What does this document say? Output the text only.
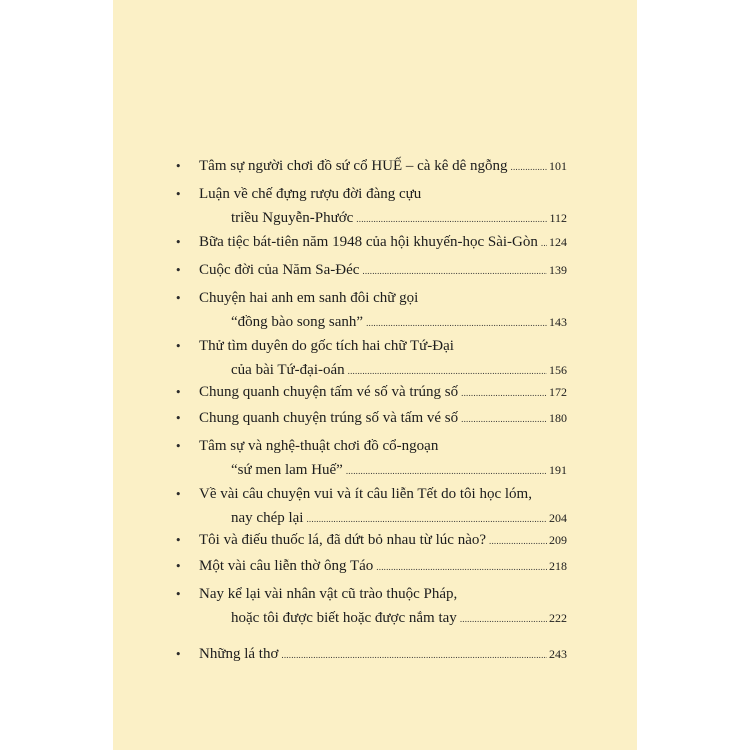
• Tâm sự người chơi đồ sứ cổ HUẾ – cà kê dê ngỗng .....	101
• Luận về chế đựng rượu đời đàng cựu
triều Nguyễn-Phước .....	112
• Bữa tiệc bát-tiên năm 1948 của hội khuyến-học Sài-Gòn ..... 124
• Cuộc đời của Năm Sa-Đéc .....	139
• Chuyện hai anh em sanh đôi chữ gọi
“đồng bào song sanh” .....	143
• Thử tìm duyên do gốc tích hai chữ Tứ-Đại
của bài Tứ-đại-oán .....	156
• Chung quanh chuyện tấm vé số và trúng số .....	172
• Chung quanh chuyện trúng số và tấm vé số .....	180
• Tâm sự và nghệ-thuật chơi đồ cổ-ngoạn
“sứ men lam Huế” .....	191
• Về vài câu chuyện vui và ít câu liễn Tết do tôi học lóm,
nay chép lại .....	204
• Tôi và điếu thuốc lá, đã dứt bỏ nhau từ lúc nào? .....	209
• Một vài câu liễn thờ ông Táo .....	218
• Nay kể lại vài nhân vật cũ trào thuộc Pháp,
hoặc tôi được biết hoặc được nắm tay .....	222
• Những lá thơ .....	243
